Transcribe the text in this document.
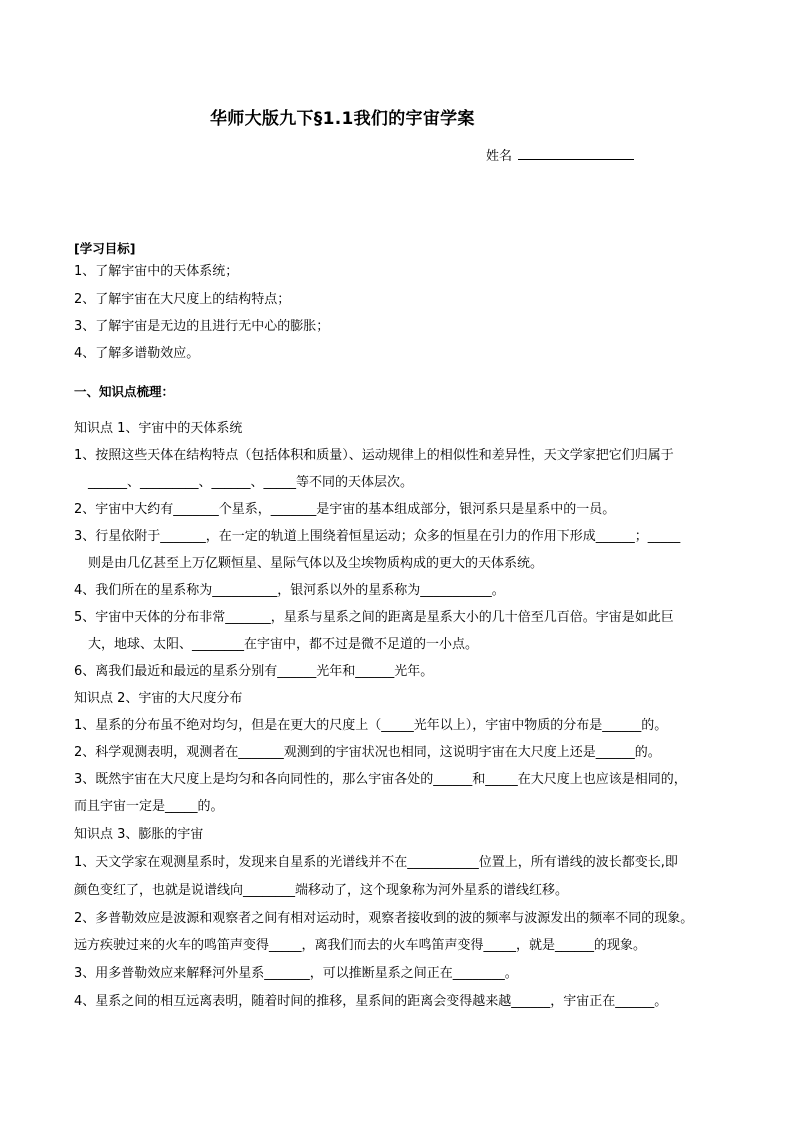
华师大版九下§1.1我们的宇宙学案
姓名
[学习目标]
1、了解宇宙中的天体系统；
2、了解宇宙在大尺度上的结构特点；
3、了解宇宙是无边的且进行无中心的膨胀；
4、了解多谱勒效应。
一、知识点梳理：
知识点 1、宇宙中的天体系统
1、按照这些天体在结构特点（包括体积和质量）、运动规律上的相似性和差异性，天文学家把它们归属于
______、_________、______、_____等不同的天体层次。
2、宇宙中大约有_______个星系，_______是宇宙的基本组成部分，银河系只是星系中的一员。
3、行星依附于_______，在一定的轨道上围绕着恒星运动；众多的恒星在引力的作用下形成______；_____
则是由几亿甚至上万亿颗恒星、星际气体以及尘埃物质构成的更大的天体系统。
4、我们所在的星系称为__________，银河系以外的星系称为___________。
5、宇宙中天体的分布非常_______，星系与星系之间的距离是星系大小的几十倍至几百倍。宇宙是如此巨
大，地球、太阳、________在宇宙中，都不过是微不足道的一小点。
6、离我们最近和最远的星系分别有______光年和______光年。
知识点 2、宇宙的大尺度分布
1、星系的分布虽不绝对均匀，但是在更大的尺度上（_____光年以上），宇宙中物质的分布是______的。
2、科学观测表明，观测者在_______观测到的宇宙状况也相同，这说明宇宙在大尺度上还是______的。
3、既然宇宙在大尺度上是均匀和各向同性的，那么宇宙各处的______和_____在大尺度上也应该是相同的，
而且宇宙一定是_____的。
知识点 3、膨胀的宇宙
1、天文学家在观测星系时，发现来自星系的光谱线并不在___________位置上，所有谱线的波长都变长,即
颜色变红了，也就是说谱线向________端移动了，这个现象称为河外星系的谱线红移。
2、多普勒效应是波源和观察者之间有相对运动时，观察者接收到的波的频率与波源发出的频率不同的现象。
远方疾驶过来的火车的鸣笛声变得_____，离我们而去的火车鸣笛声变得_____，就是______的现象。
3、用多普勒效应来解释河外星系_______，可以推断星系之间正在________。
4、星系之间的相互远离表明，随着时间的推移，星系间的距离会变得越来越______，宇宙正在______。
